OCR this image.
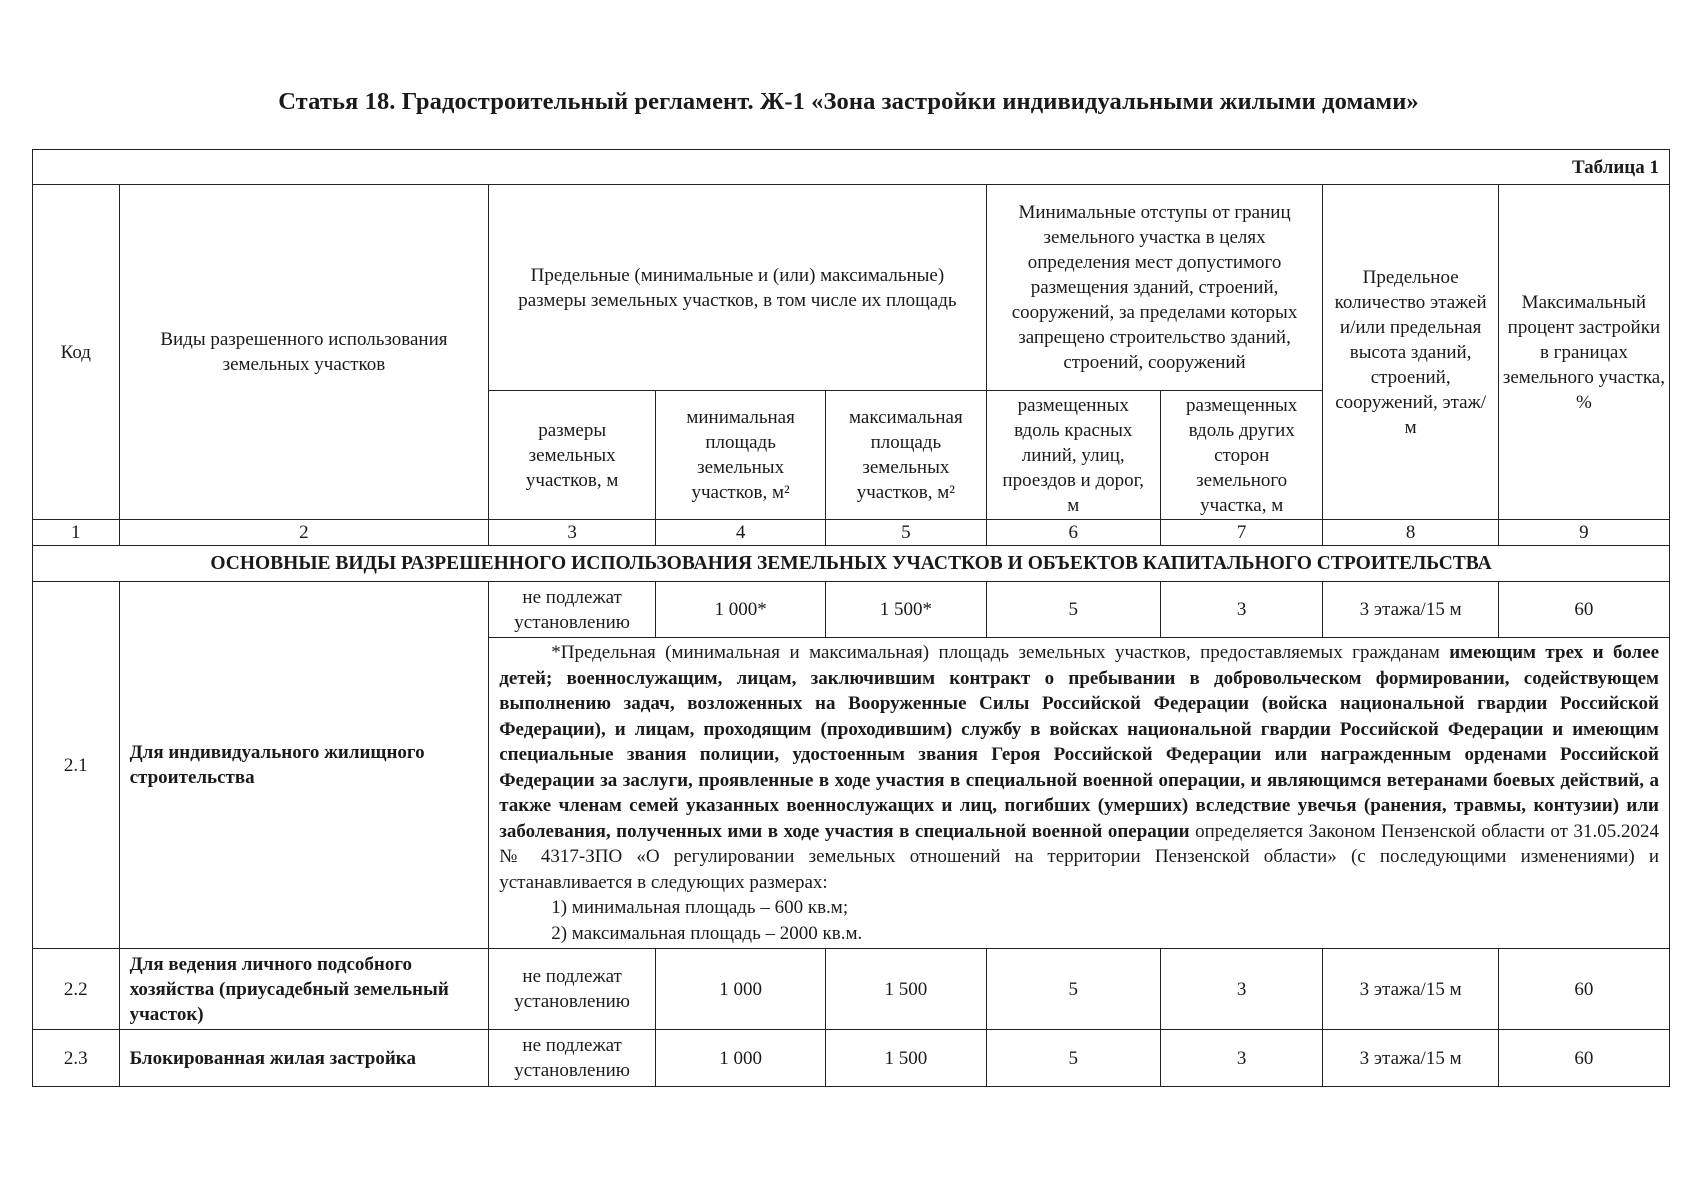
Статья 18. Градостроительный регламент. Ж-1 «Зона застройки индивидуальными жилыми домами»
Таблица 1								
Код	Виды разрешенного использования земельных участков	Предельные (минимальные и (или) максимальные) размеры земельных участков, в том числе их площадь			Минимальные отступы от границ земельного участка в целях определения мест допустимого размещения зданий, строений, сооружений, за пределами которых запрещено строительство зданий, строений, сооружений		Предельное количество этажей и/или предельная высота зданий, строений, сооружений, этаж/м	Максимальный процент застройки в границах земельного участка, %
		размеры земельных участков, м	минимальная площадь земельных участков, м²	максимальная площадь земельных участков, м²	размещенных вдоль красных линий, улиц, проездов и дорог, м	размещенных вдоль других сторон земельного участка, м		
1	2	3	4	5	6	7	8	9
ОСНОВНЫЕ ВИДЫ РАЗРЕШЕННОГО ИСПОЛЬЗОВАНИЯ ЗЕМЕЛЬНЫХ УЧАСТКОВ И ОБЪЕКТОВ КАПИТАЛЬНОГО СТРОИТЕЛЬСТВА								
2.1	Для индивидуального жилищного строительства	не подлежат установлению	1 000*	1 500*	5	3	3 этажа/15 м	60

		*Предельная (минимальная и максимальная) площадь земельных участков, предоставляемых гражданам имеющим трех и более детей; военнослужащим, лицам, заключившим контракт о пребывании в добровольческом формировании, содействующем выполнению задач, возложенных на Вооруженные Силы Российской Федерации (войска национальной гвардии Российской Федерации), и лицам, проходящим (проходившим) службу в войсках национальной гвардии Российской Федерации и имеющим специальные звания полиции, удостоенным звания Героя Российской Федерации или награжденным орденами Российской Федерации за заслуги, проявленные в ходе участия в специальной военной операции, и являющимся ветеранами боевых действий, а также членам семей указанных военнослужащих и лиц, погибших (умерших) вследствие увечья (ранения, травмы, контузии) или заболевания, полученных ими в ходе участия в специальной военной операции определяется Законом Пензенской области от 31.05.2024 № 4317-ЗПО «О регулировании земельных отношений на территории Пензенской области» (с последующими изменениями) и устанавливается в следующих размерах:

1) минимальная площадь – 600 кв.м;

2) максимальная площадь – 2000 кв.м.						

2.2	Для ведения личного подсобного хозяйства (приусадебный земельный участок)	не подлежат установлению	1 000	1 500	5	3	3 этажа/15 м	60
2.3	Блокированная жилая застройка	не подлежат установлению	1 000	1 500	5	3	3 этажа/15 м	60
